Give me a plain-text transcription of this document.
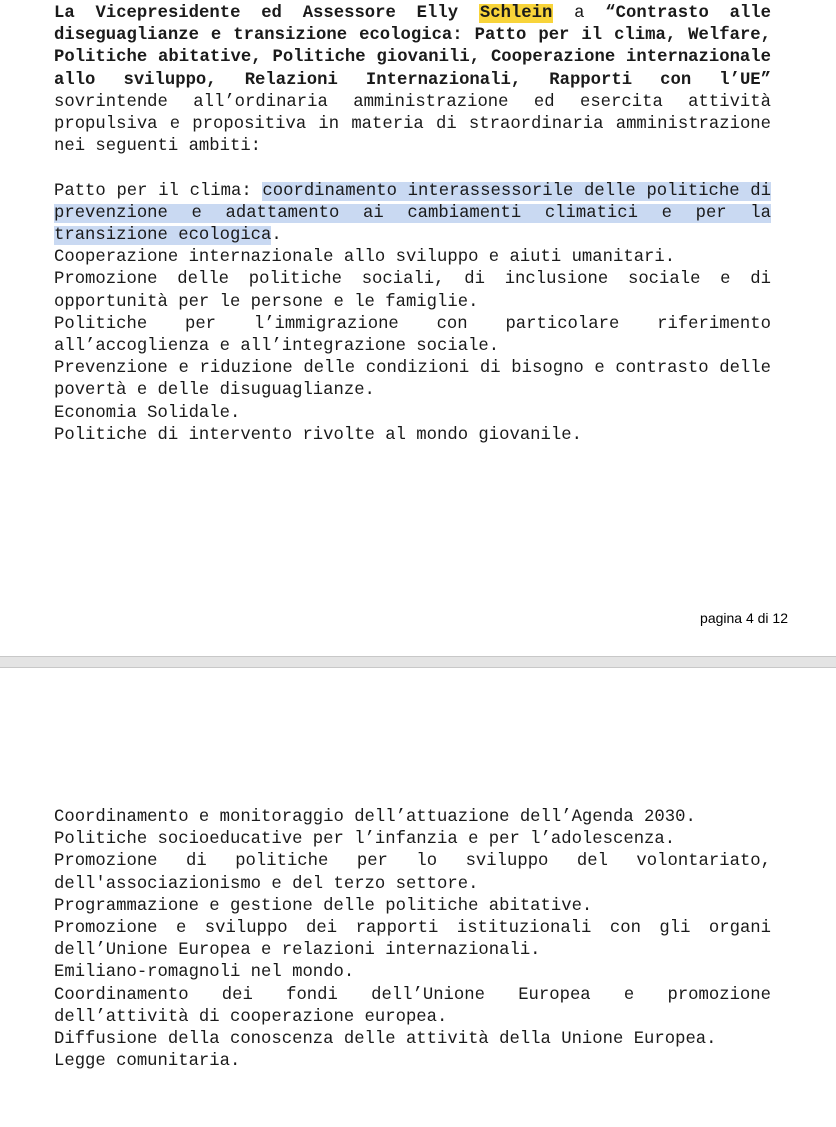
La Vicepresidente ed Assessore Elly Schlein a “Contrasto alle diseguaglianze e transizione ecologica: Patto per il clima, Welfare, Politiche abitative, Politiche giovanili, Cooperazione internazionale allo sviluppo, Relazioni Internazionali, Rapporti con l’UE” sovrintende all’ordinaria amministrazione ed esercita attività propulsiva e propositiva in materia di straordinaria amministrazione nei seguenti ambiti:

Patto per il clima: coordinamento interassessorile delle politiche di prevenzione e adattamento ai cambiamenti climatici e per la transizione ecologica.

Cooperazione internazionale allo sviluppo e aiuti umanitari.

Promozione delle politiche sociali, di inclusione sociale e di opportunità per le persone e le famiglie.

Politiche per l’immigrazione con particolare riferimento all’accoglienza e all’integrazione sociale.

Prevenzione e riduzione delle condizioni di bisogno e contrasto delle povertà e delle disuguaglianze.

Economia Solidale.

Politiche di intervento rivolte al mondo giovanile.

pagina 4 di 12

Coordinamento e monitoraggio dell’attuazione dell’Agenda 2030.

Politiche socioeducative per l’infanzia e per l’adolescenza.

Promozione di politiche per lo sviluppo del volontariato, dell'associazionismo e del terzo settore.

Programmazione e gestione delle politiche abitative.

Promozione e sviluppo dei rapporti istituzionali con gli organi dell’Unione Europea e relazioni internazionali.

Emiliano-romagnoli nel mondo.

Coordinamento dei fondi dell’Unione Europea e promozione dell’attività di cooperazione europea.

Diffusione della conoscenza delle attività della Unione Europea.

Legge comunitaria.
